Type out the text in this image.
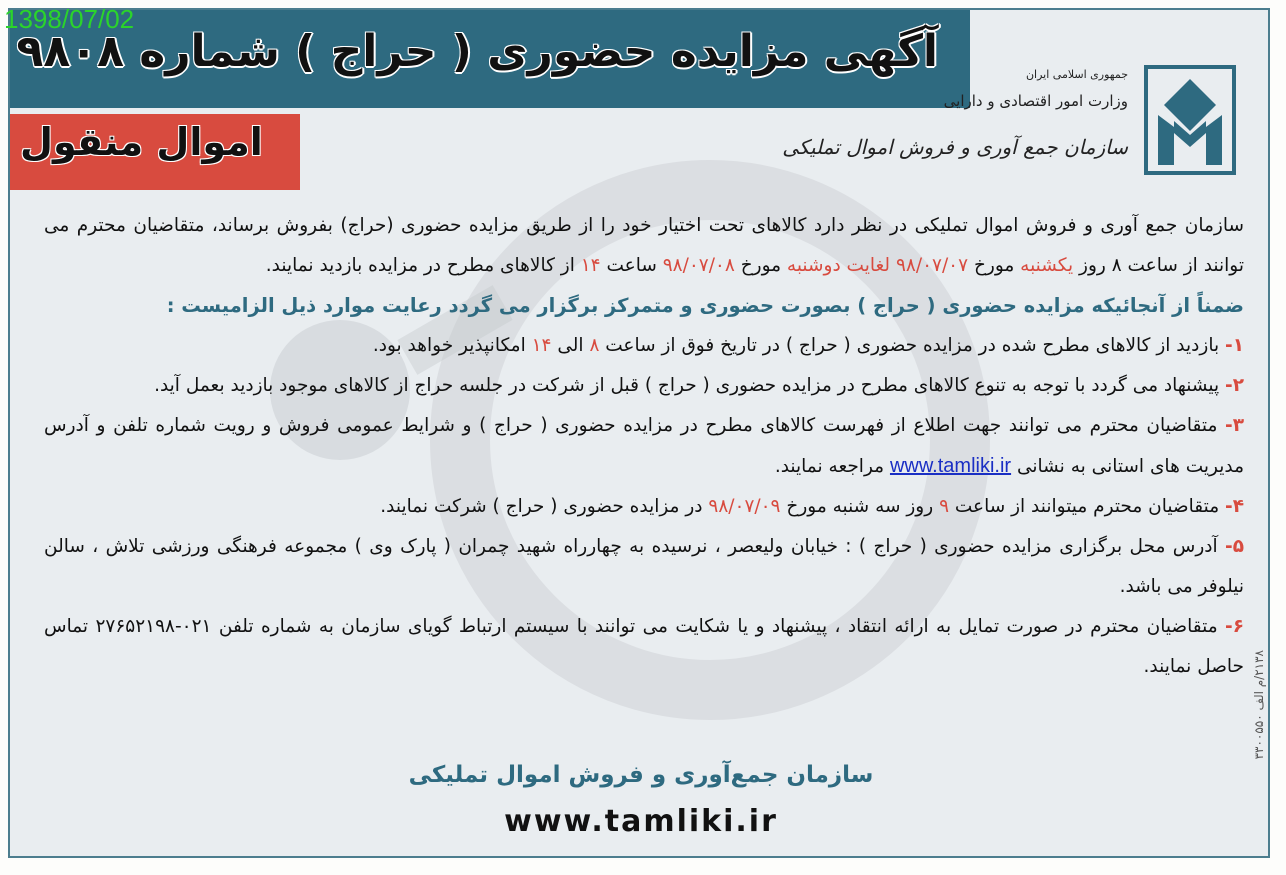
آگهی مزایده حضوری ( حراج ) شماره ۹۸۰۸
اموال منقول
جمهوری اسلامی ایران
وزارت امور اقتصادی و دارایی
سازمان جمع آوری و فروش اموال تملیکی

سازمان جمع آوری و فروش اموال تملیکی در نظر دارد کالاهای تحت اختیار خود را از طریق مزایده حضوری (حراج) بفروش برساند، متقاضیان محترم می توانند از ساعت ۸ روز یکشنبه مورخ ۹۸/۰۷/۰۷ لغایت دوشنبه مورخ ۹۸/۰۷/۰۸ ساعت ۱۴ از کالاهای مطرح در مزایده بازدید نمایند.

ضمناً از آنجائیکه مزایده حضوری ( حراج ) بصورت حضوری و متمرکز برگزار می گردد رعایت موارد ذیل الزامیست :

۱- بازدید از کالاهای مطرح شده در مزایده حضوری ( حراج ) در تاریخ فوق از ساعت ۸ الی ۱۴ امکانپذیر خواهد بود.

۲- پیشنهاد می گردد با توجه به تنوع کالاهای مطرح در مزایده حضوری ( حراج ) قبل از شرکت در جلسه حراج از کالاهای موجود بازدید بعمل آید.

۳- متقاضیان محترم می توانند جهت اطلاع از فهرست کالاهای مطرح در مزایده حضوری ( حراج ) و شرایط عمومی فروش و رویت شماره تلفن و آدرس مدیریت های استانی به نشانی www.tamliki.ir مراجعه نمایند.

۴- متقاضیان محترم میتوانند از ساعت ۹ روز سه شنبه مورخ ۹۸/۰۷/۰۹ در مزایده حضوری ( حراج ) شرکت نمایند.

۵- آدرس محل برگزاری مزایده حضوری ( حراج ) : خیابان ولیعصر ، نرسیده به چهارراه شهید چمران ( پارک وی ) مجموعه فرهنگی ورزشی تلاش ، سالن نیلوفر می باشد.

۶- متقاضیان محترم در صورت تمایل به ارائه انتقاد ، پیشنهاد و یا شکایت می توانند با سیستم ارتباط گویای سازمان به شماره تلفن ۰۲۱-۲۷۶۵۲۱۹۸ تماس حاصل نمایند.

سازمان جمع‌آوری و فروش اموال تملیکی
www.tamliki.ir
۲۱۳۸/م الف ۳۳۰۰۵۵۰
1398/07/02
